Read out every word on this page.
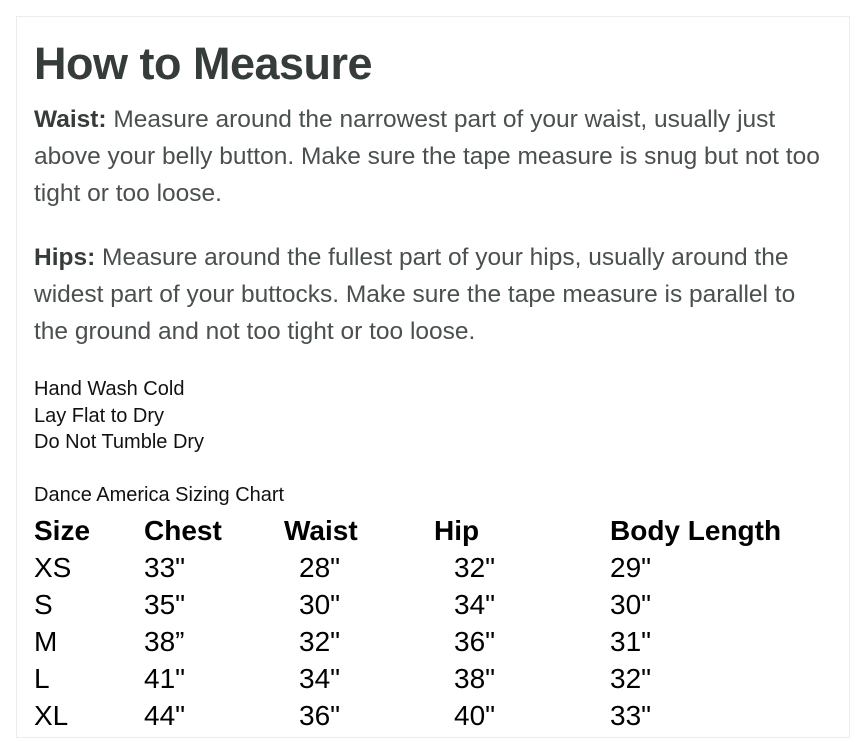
How to Measure

Waist: Measure around the narrowest part of your waist, usually just above your belly button. Make sure the tape measure is snug but not too tight or too loose.

Hips: Measure around the fullest part of your hips, usually around the widest part of your buttocks. Make sure the tape measure is parallel to the ground and not too tight or too loose.

Hand Wash Cold
Lay Flat to Dry
Do Not Tumble Dry
Dance America Sizing Chart
Size Chest Waist	Hip	Body Length
XS	33"	28"	32"	29"
S	35"	30"	34"	30"
M	38”	32"	36"	31"
L	41"	34"	38"	32"
XL	44"	36"	40"	33"
